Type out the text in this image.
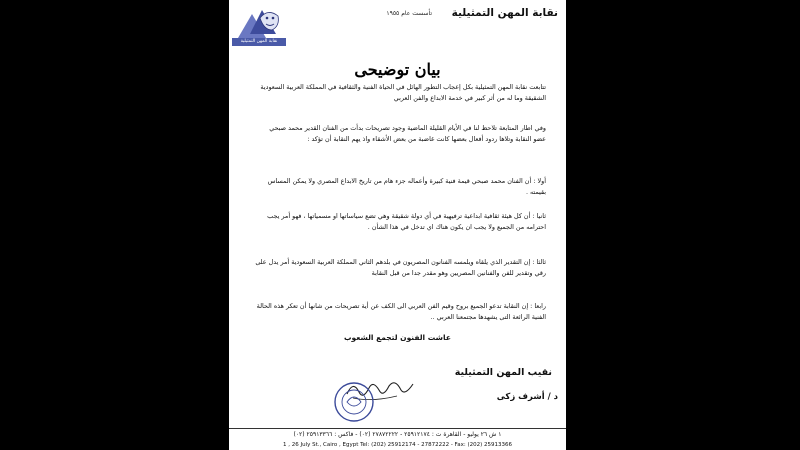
نقابة المهن التمثيلية
تأسست عام ١٩٥٥
نقابة المهن التمثيلية
بيان توضيحى
تتابعت نقابة المهن التمثيلية بكل إعجاب التطور الهائل في الحياة الفنية والثقافية في المملكة العربية السعودية الشقيقة وما له من أثر كبير في خدمة الابداع والفن العربي
وفي اطار المتابعة تلاحظ لنا في الأيام القليلة الماضية وجود تصريحات بدأت من الفنان القدير محمد صبحي عضو النقابة وتلاها ردود أفعال بعضها كانت غاضبة من بعض الأشقاء واذ يهم النقابة أن تؤكد :
أولا : أن الفنان محمد صبحي قيمة فنية كبيرة وأعماله جزء هام من تاريخ الابداع المصري ولا يمكن المساس بقيمته .
ثانيا : أن كل هيئة ثقافية ابداعية ترفيهية في أي دولة شقيقة وهي تضع سياساتها او مسمياتها ، فهو أمر يجب احترامه من الجميع ولا يجب ان يكون هناك اي تدخل في هذا الشأن .
ثالثا : إن التقدير الذي يلقاه ويلمسه الفنانون المصريون في بلدهم الثاني المملكة العربية السعودية أمر يدل على رقي وتقدير للفن والفنانين المصريين وهو مقدر جدا من قبل النقابة
رابعا : إن النقابة تدعو الجميع بروح وقيم الفن العربي الى الكف عن أية تصريحات من شانها أن تعكر هذه الحالة الفنية الرائعة التى يشهدها مجتمعنا العربي ..
عاشت الفنون لتجمع الشعوب
نقيب المهن التمثيلية
د / أشرف زكى
١ ش ٢٦ يوليو - القاهرة ت : ٢٥٩١٢١٧٤ - ٢٧٨٧٢٢٢٢ (٠٢) - فاكس : ٢٥٩١٣٣٦٦ (٠٢)
1 , 26 July St., Cairo , Egypt Tel: (202) 25912174 - 27872222 - Fax: (202) 25913366
